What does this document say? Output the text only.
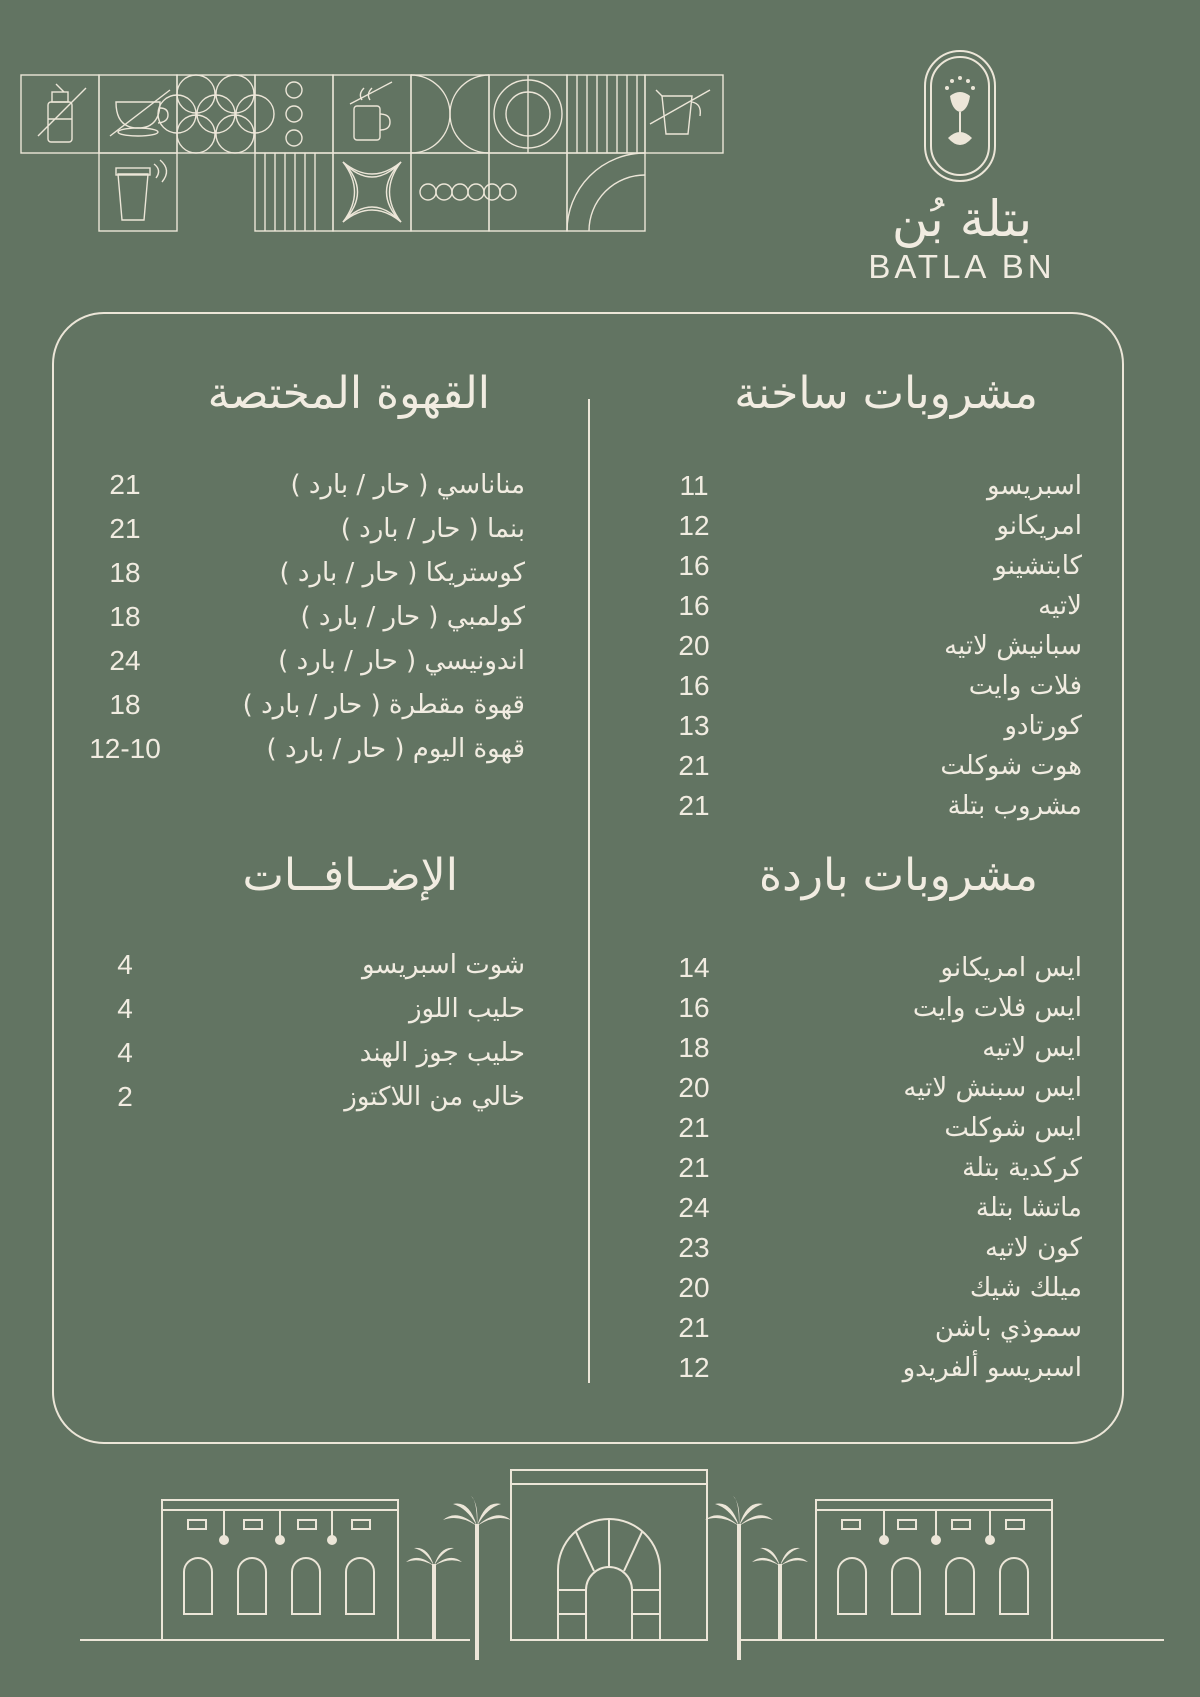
بتلة بُن
BATLA BN
مشروبات ساخنة
اسبريسو
11
امريكانو
12
كابتشينو
16
لاتيه
16
سبانيش لاتيه
20
فلات وايت
16
كورتادو
13
هوت شوكلت
21
مشروب بتلة
21
مشروبات باردة
ايس امريكانو
14
ايس فلات وايت
16
ايس لاتيه
18
ايس سبنش لاتيه
20
ايس شوكلت
21
كركدية بتلة
21
ماتشا بتلة
24
كون لاتيه
23
ميلك شيك
20
سموذي باشن
21
اسبريسو ألفريدو
12
القهوة المختصة
مناناسي ( حار / بارد )
21
بنما ( حار / بارد )
21
كوستريكا ( حار / بارد )
18
كولمبي ( حار / بارد )
18
اندونيسي ( حار / بارد )
24
قهوة مقطرة ( حار / بارد )
18
قهوة اليوم ( حار / بارد )
12-10
الإضــافــات
شوت اسبريسو
4
حليب اللوز
4
حليب جوز الهند
4
خالي من اللاكتوز
2
